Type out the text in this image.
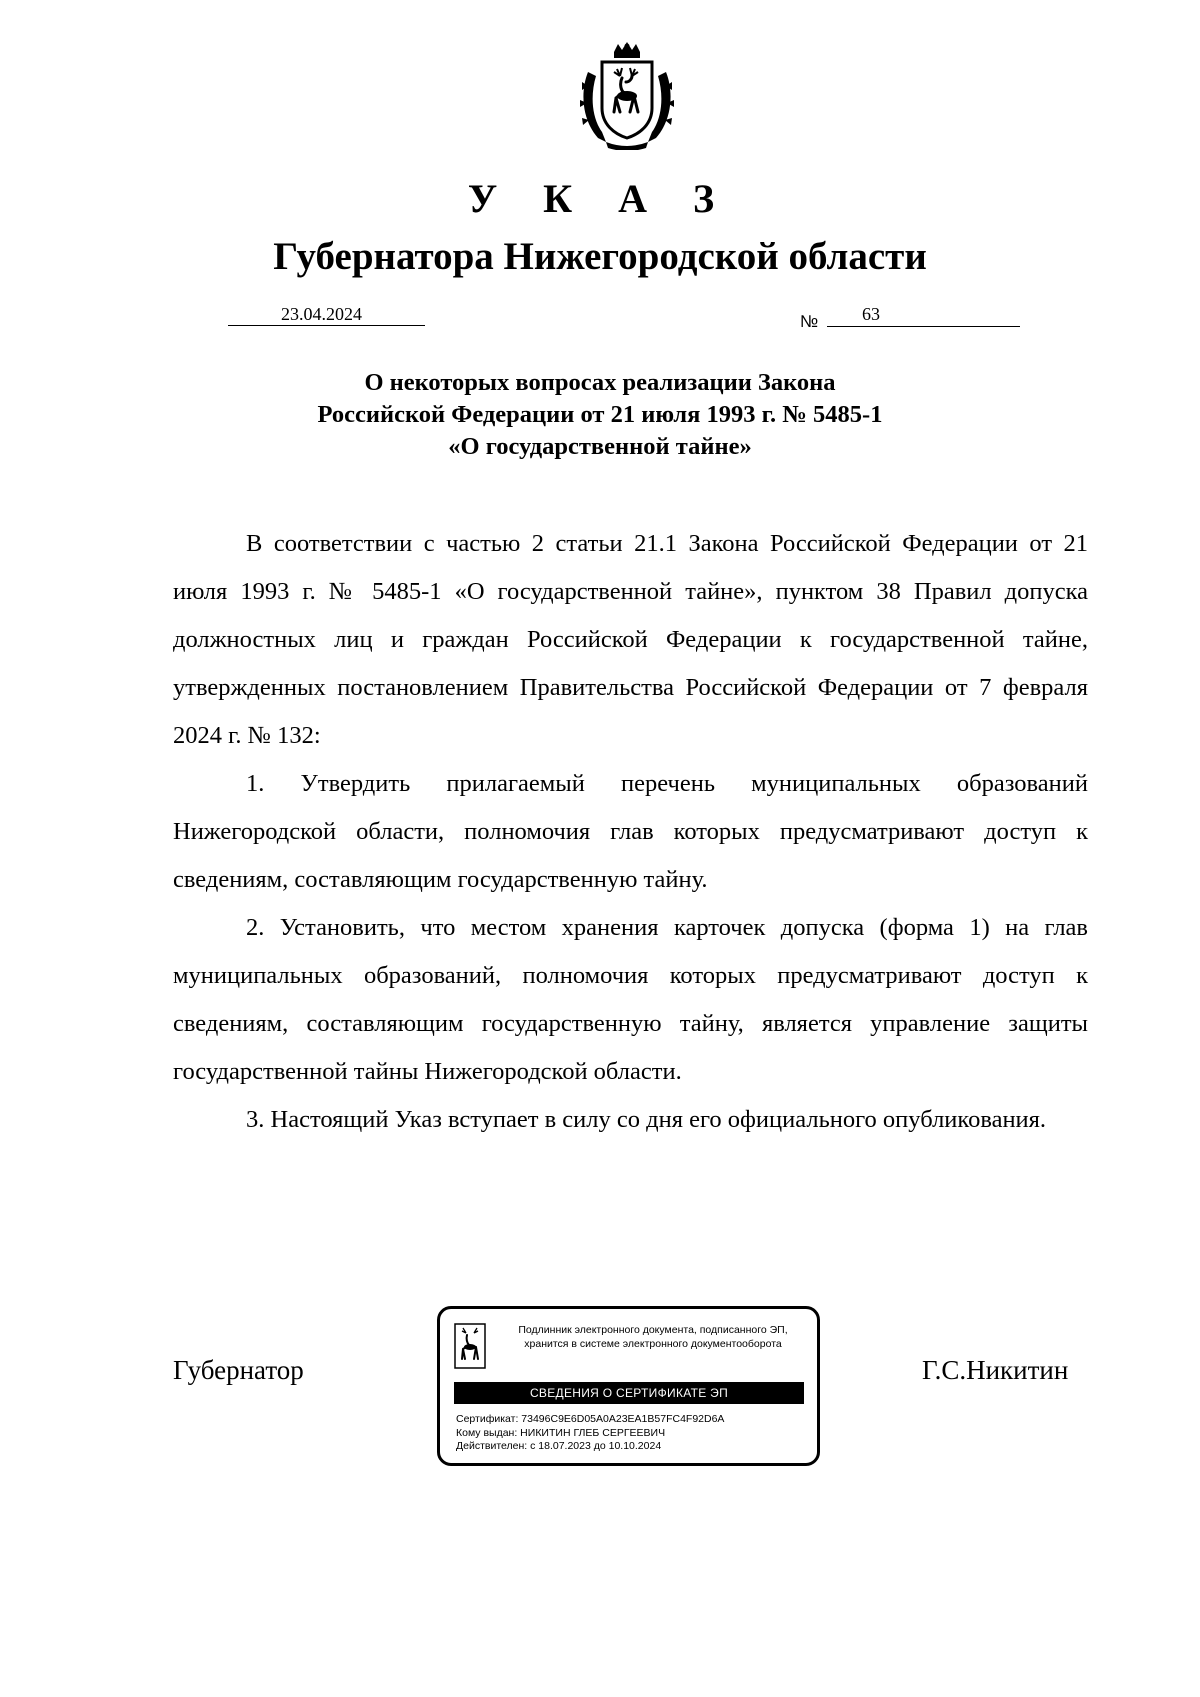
У К А З
Губернатора Нижегородской области
23.04.2024	№ 63
О некоторых вопросах реализации Закона
Российской Федерации от 21 июля 1993 г. № 5485-1
«О государственной тайне»

В соответствии с частью 2 статьи 21.1 Закона Российской Федерации от 21 июля 1993 г. № 5485-1 «О государственной тайне», пунктом 38 Правил допуска должностных лиц и граждан Российской Федерации к государственной тайне, утвержденных постановлением Правительства Российской Федерации от 7 февраля 2024 г. № 132:

1. Утвердить прилагаемый перечень муниципальных образований Нижегородской области, полномочия глав которых предусматривают доступ к сведениям, составляющим государственную тайну.

2. Установить, что местом хранения карточек допуска (форма 1) на глав муниципальных образований, полномочия которых предусматривают доступ к сведениям, составляющим государственную тайну, является управление защиты государственной тайны Нижегородской области.

3. Настоящий Указ вступает в силу со дня его официального опубликования.

Губернатор	Г.С.Никитин
Подлинник электронного документа, подписанного ЭП,
хранится в системе электронного документооборота
СВЕДЕНИЯ О СЕРТИФИКАТЕ ЭП
Сертификат: 73496C9E6D05A0A23EA1B57FC4F92D6A
Кому выдан: НИКИТИН ГЛЕБ СЕРГЕЕВИЧ
Действителен: с 18.07.2023 до 10.10.2024
